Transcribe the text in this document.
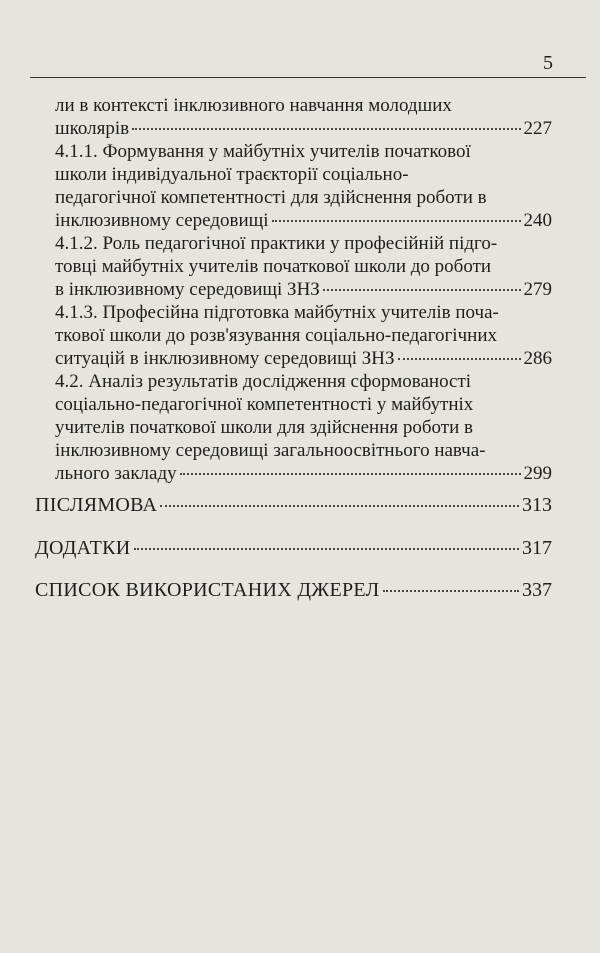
5
ли в контексті інклюзивного навчання молодших
школярів	227
4.1.1. Формування у майбутніх учителів початкової
школи індивідуальної траєкторії соціально-
педагогічної компетентності для здійснення роботи в
інклюзивному середовищі	240
4.1.2. Роль педагогічної практики у професійній підго-
товці майбутніх учителів початкової школи до роботи
в інклюзивному середовищі ЗНЗ	279
4.1.3. Професійна підготовка майбутніх учителів поча-
ткової школи до розв'язування соціально-педагогічних
ситуацій в інклюзивному середовищі ЗНЗ	286
4.2. Аналіз результатів дослідження сформованості
соціально-педагогічної компетентності у майбутніх
учителів початкової школи для здійснення роботи в
інклюзивному середовищі загальноосвітнього навча-
льного закладу	299
ПІСЛЯМОВА	313
ДОДАТКИ	317
СПИСОК ВИКОРИСТАНИХ ДЖЕРЕЛ	337
